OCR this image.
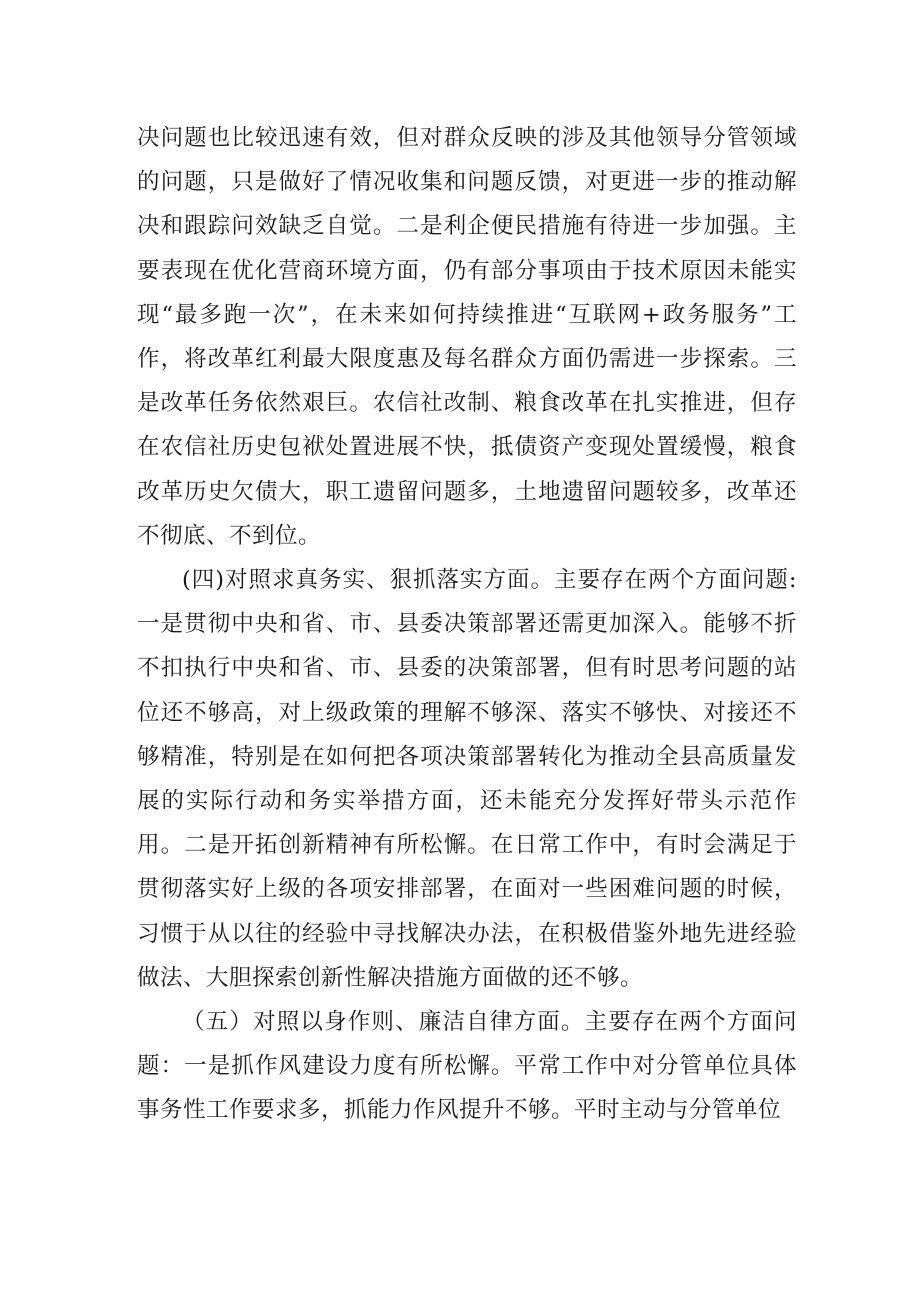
决问题也比较迅速有效，但对群众反映的涉及其他领导分管领域的问题，只是做好了情况收集和问题反馈，对更进一步的推动解决和跟踪问效缺乏自觉。二是利企便民措施有待进一步加强。主要表现在优化营商环境方面，仍有部分事项由于技术原因未能实现“最多跑一次”，在未来如何持续推进“互联网+政务服务”工作，将改革红利最大限度惠及每名群众方面仍需进一步探索。三是改革任务依然艰巨。农信社改制、粮食改革在扎实推进，但存在农信社历史包袱处置进展不快，抵债资产变现处置缓慢，粮食改革历史欠债大，职工遗留问题多，土地遗留问题较多，改革还不彻底、不到位。

(四)对照求真务实、狠抓落实方面。主要存在两个方面问题:一是贯彻中央和省、市、县委决策部署还需更加深入。能够不折不扣执行中央和省、市、县委的决策部署，但有时思考问题的站位还不够高，对上级政策的理解不够深、落实不够快、对接还不够精准，特别是在如何把各项决策部署转化为推动全县高质量发展的实际行动和务实举措方面，还未能充分发挥好带头示范作用。二是开拓创新精神有所松懈。在日常工作中，有时会满足于贯彻落实好上级的各项安排部署，在面对一些困难问题的时候，习惯于从以往的经验中寻找解决办法，在积极借鉴外地先进经验做法、大胆探索创新性解决措施方面做的还不够。

（五）对照以身作则、廉洁自律方面。主要存在两个方面问题：一是抓作风建设力度有所松懈。平常工作中对分管单位具体事务性工作要求多，抓能力作风提升不够。平时主动与分管单位
